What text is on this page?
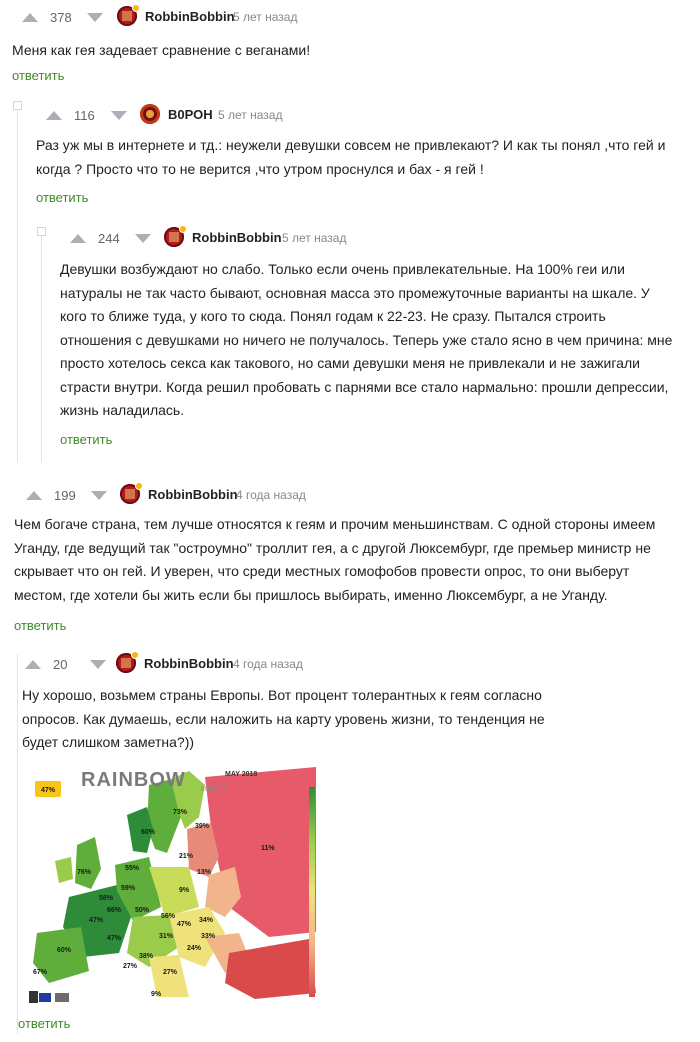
378	RobbinBobbin
5 лет назад
Меня как гея задевает сравнение с веганами!
ответить
116	В0РОН 5 лет назад
Раз уж мы в интернете и тд.: неужели девушки совсем не привлекают? И как ты понял ,что гей и когда ? Просто что то не верится ,что утром проснулся и бах - я гей !
ответить
244	RobbinBobbin 5 лет назад
Девушки возбуждают но слабо. Только если очень привлекательные. На 100% геи или натуралы не так часто бывают, основная масса это промежуточные варианты на шкале. У кого то ближе туда, у кого то сюда. Понял годам к 22-23. Не сразу. Пытался строить отношения с девушками но ничего не получалось. Теперь уже стало ясно в чем причина: мне просто хотелось секса как такового, но сами девушки меня не привлекали и не зажигали страсти внутри. Когда решил пробовать с парнями все стало нармально: прошли депрессии, жизнь наладилась.
ответить
199	RobbinBobbin
4 года назад
Чем богаче страна, тем лучше относятся к геям и прочим меньшинствам. С одной стороны имеем Уганду, где ведущий так "остроумно" троллит гея, а с другой Люксембург, где премьер министр не скрывает что он гей. И уверен, что среди местных гомофобов провести опрос, то они выберут местом, где хотели бы жить если бы пришлось выбирать, именно Люксембург, а не Уганду.
ответить
20	RobbinBobbin 4 года назад
Ну хорошо, возьмем страны Европы. Вот процент толерантных к геям согласно опросов. Как думаешь, если наложить на карту уровень жизни, то тенденция не будет слишком заметна?))
ответить
RAINBOW	EUROPE
MAY 2018
47%
73%
60%
39%
76%
55%
21%
13%
11%
58%
66%
59%
47%
50%
9%
34%
56%
47%
31%
24%
33%
38%
27%
9%
67%	27%
60%
47%
